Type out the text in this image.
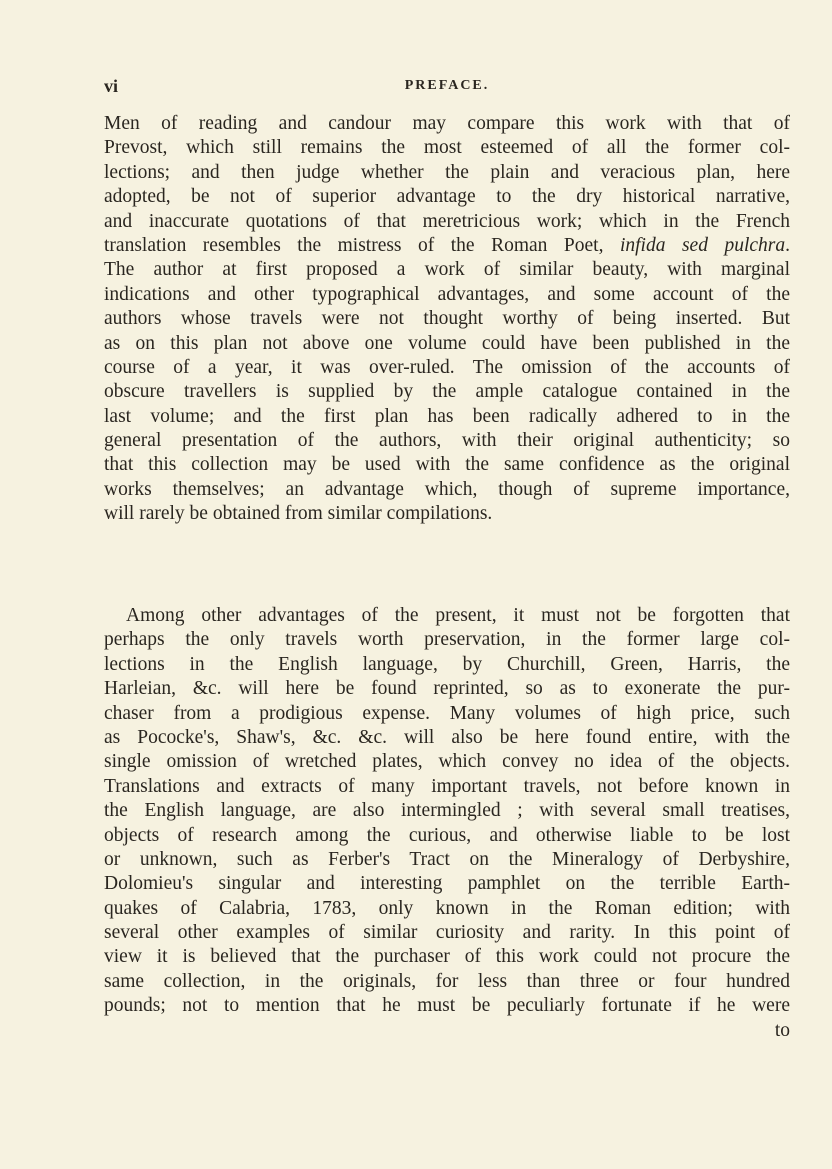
vi	PREFACE.
Men of reading and candour may compare this work with that of
Prevost, which still remains the most esteemed of all the former col-
lections; and then judge whether the plain and veracious plan, here
adopted, be not of superior advantage to the dry historical narrative,
and inaccurate quotations of that meretricious work; which in the French
translation resembles the mistress of the Roman Poet, infida sed pulchra.
The author at first proposed a work of similar beauty, with marginal
indications and other typographical advantages, and some account of the
authors whose travels were not thought worthy of being inserted. But
as on this plan not above one volume could have been published in the
course of a year, it was over-ruled. The omission of the accounts of
obscure travellers is supplied by the ample catalogue contained in the
last volume; and the first plan has been radically adhered to in the
general presentation of the authors, with their original authenticity; so
that this collection may be used with the same confidence as the original
works themselves; an advantage which, though of supreme importance,
will rarely be obtained from similar compilations.
Among other advantages of the present, it must not be forgotten that
perhaps the only travels worth preservation, in the former large col-
lections in the English language, by Churchill, Green, Harris, the
Harleian, &c. will here be found reprinted, so as to exonerate the pur-
chaser from a prodigious expense. Many volumes of high price, such
as Pococke's, Shaw's, &c. &c. will also be here found entire, with the
single omission of wretched plates, which convey no idea of the objects.
Translations and extracts of many important travels, not before known in
the English language, are also intermingled ; with several small treatises,
objects of research among the curious, and otherwise liable to be lost
or unknown, such as Ferber's Tract on the Mineralogy of Derbyshire,
Dolomieu's singular and interesting pamphlet on the terrible Earth-
quakes of Calabria, 1783, only known in the Roman edition; with
several other examples of similar curiosity and rarity. In this point of
view it is believed that the purchaser of this work could not procure the
same collection, in the originals, for less than three or four hundred
pounds; not to mention that he must be peculiarly fortunate if he were
to
